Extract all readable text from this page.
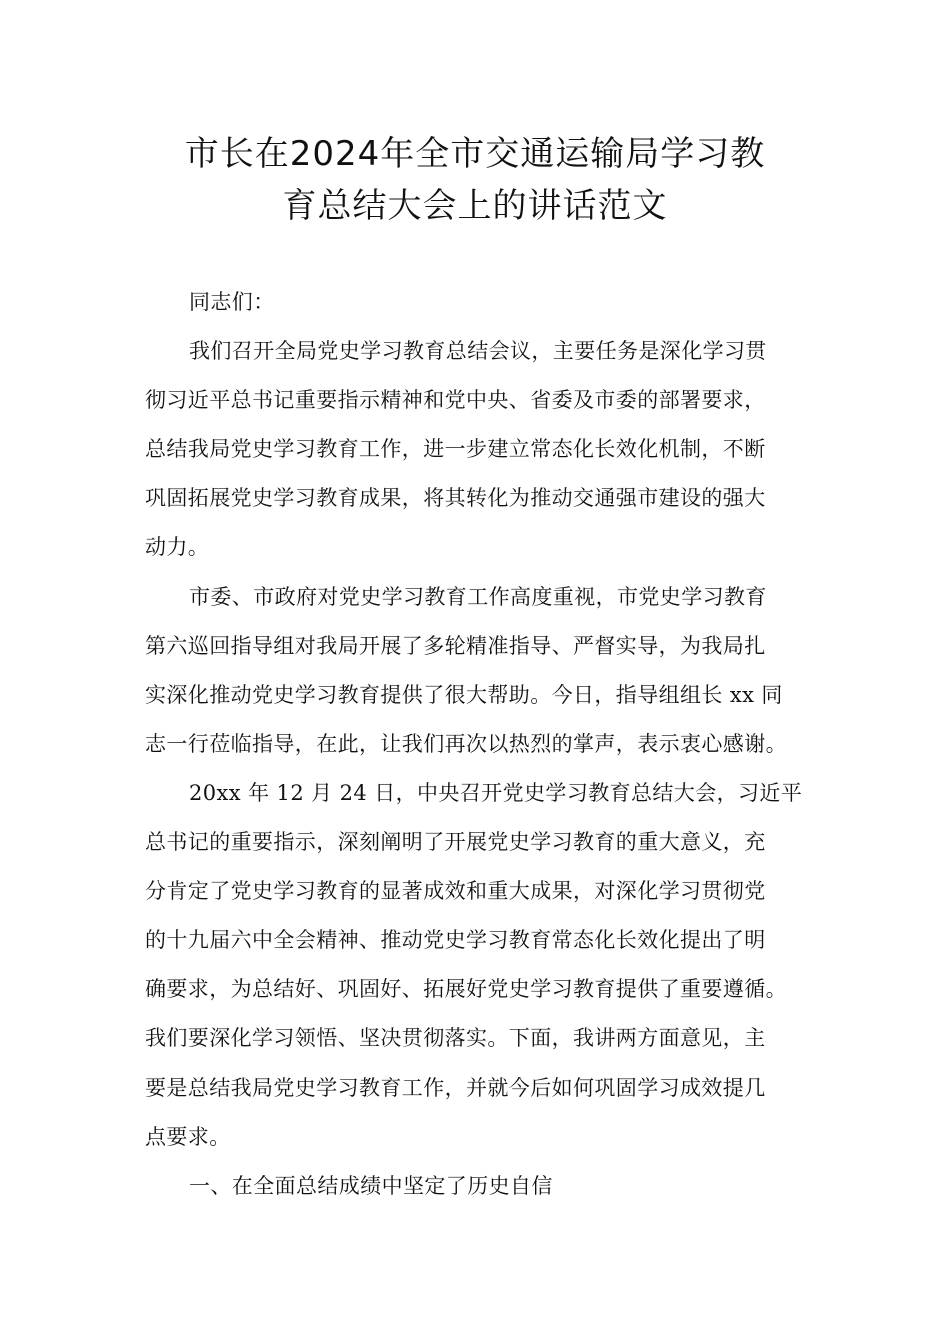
市长在2024年全市交通运输局学习教
育总结大会上的讲话范文
同志们：
我们召开全局党史学习教育总结会议，主要任务是深化学习贯
彻习近平总书记重要指示精神和党中央、省委及市委的部署要求，
总结我局党史学习教育工作，进一步建立常态化长效化机制，不断
巩固拓展党史学习教育成果，将其转化为推动交通强市建设的强大
动力。
市委、市政府对党史学习教育工作高度重视，市党史学习教育
第六巡回指导组对我局开展了多轮精准指导、严督实导，为我局扎
实深化推动党史学习教育提供了很大帮助。今日，指导组组长 xx 同
志一行莅临指导，在此，让我们再次以热烈的掌声，表示衷心感谢。
20xx 年 12 月 24 日，中央召开党史学习教育总结大会，习近平
总书记的重要指示，深刻阐明了开展党史学习教育的重大意义，充
分肯定了党史学习教育的显著成效和重大成果，对深化学习贯彻党
的十九届六中全会精神、推动党史学习教育常态化长效化提出了明
确要求，为总结好、巩固好、拓展好党史学习教育提供了重要遵循。
我们要深化学习领悟、坚决贯彻落实。下面，我讲两方面意见，主
要是总结我局党史学习教育工作，并就今后如何巩固学习成效提几
点要求。
一、在全面总结成绩中坚定了历史自信
